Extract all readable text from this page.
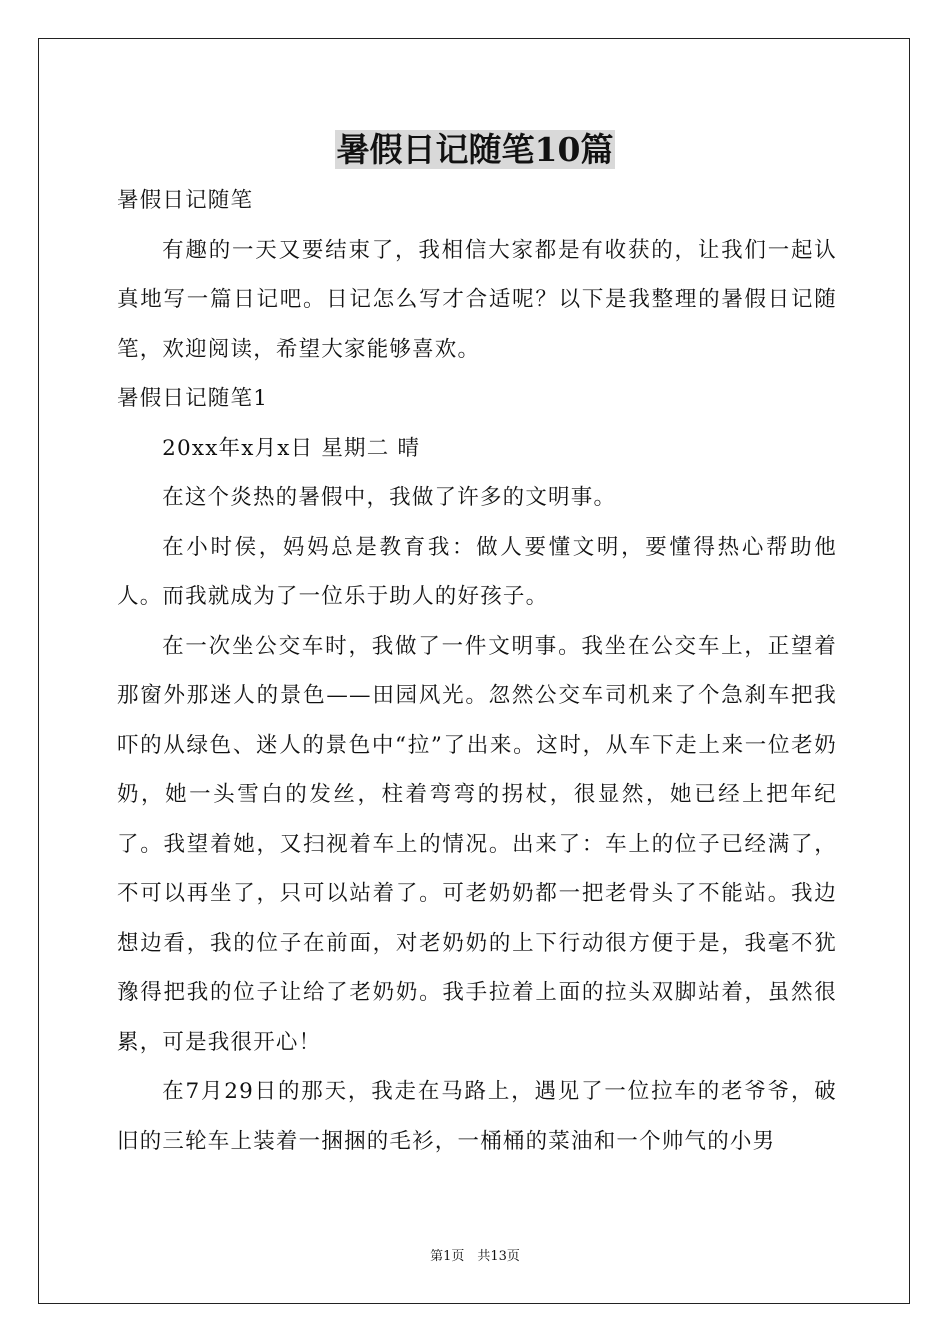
暑假日记随笔10篇

暑假日记随笔

有趣的一天又要结束了，我相信大家都是有收获的，让我们一起认真地写一篇日记吧。日记怎么写才合适呢？以下是我整理的暑假日记随笔，欢迎阅读，希望大家能够喜欢。

暑假日记随笔1

20xx年x月x日 星期二 晴

在这个炎热的暑假中，我做了许多的文明事。

在小时侯，妈妈总是教育我：做人要懂文明，要懂得热心帮助他人。而我就成为了一位乐于助人的好孩子。

在一次坐公交车时，我做了一件文明事。我坐在公交车上，正望着那窗外那迷人的景色——田园风光。忽然公交车司机来了个急刹车把我吓的从绿色、迷人的景色中“拉”了出来。这时，从车下走上来一位老奶奶，她一头雪白的发丝，柱着弯弯的拐杖，很显然，她已经上把年纪了。我望着她，又扫视着车上的情况。出来了：车上的位子已经满了，不可以再坐了，只可以站着了。可老奶奶都一把老骨头了不能站。我边想边看，我的位子在前面，对老奶奶的上下行动很方便于是，我毫不犹豫得把我的位子让给了老奶奶。我手拉着上面的拉头双脚站着，虽然很累，可是我很开心！

在7月29日的那天，我走在马路上，遇见了一位拉车的老爷爷，破旧的三轮车上装着一捆捆的毛衫，一桶桶的菜油和一个帅气的小男

第1页　共13页
